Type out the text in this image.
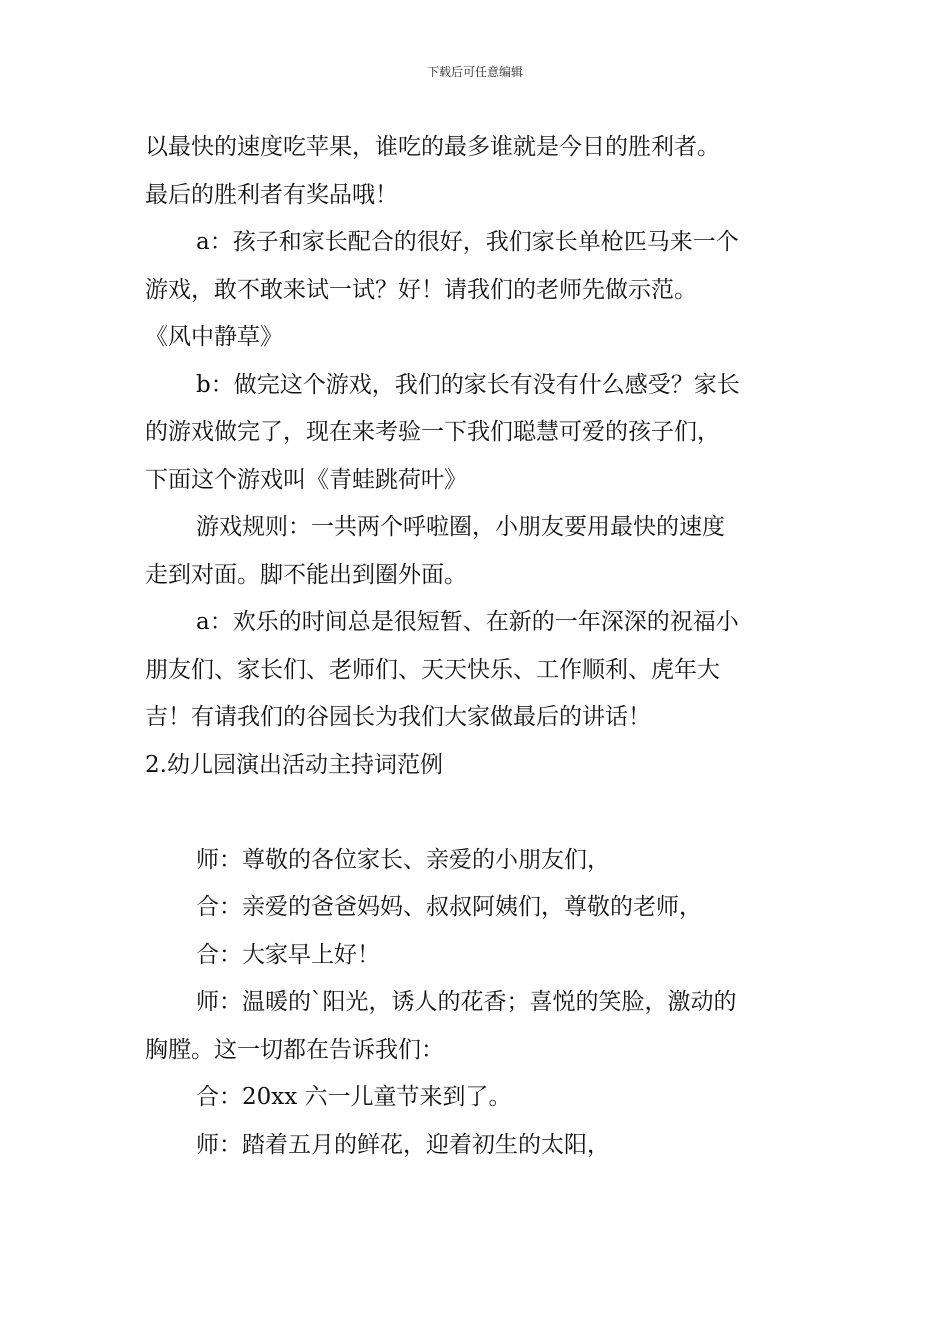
下载后可任意编辑

以最快的速度吃苹果，谁吃的最多谁就是今日的胜利者。

最后的胜利者有奖品哦！

a：孩子和家长配合的很好，我们家长单枪匹马来一个

游戏，敢不敢来试一试？好！请我们的老师先做示范。

《风中静草》

b：做完这个游戏，我们的家长有没有什么感受？家长

的游戏做完了，现在来考验一下我们聪慧可爱的孩子们，

下面这个游戏叫《青蛙跳荷叶》

游戏规则：一共两个呼啦圈，小朋友要用最快的速度

走到对面。脚不能出到圈外面。

a：欢乐的时间总是很短暂、在新的一年深深的祝福小

朋友们、家长们、老师们、天天快乐、工作顺利、虎年大

吉！有请我们的谷园长为我们大家做最后的讲话！

2.幼儿园演出活动主持词范例

师：尊敬的各位家长、亲爱的小朋友们，

合：亲爱的爸爸妈妈、叔叔阿姨们，尊敬的老师，

合：大家早上好！

师：温暖的`阳光，诱人的花香；喜悦的笑脸，激动的

胸膛。这一切都在告诉我们：

合：20xx 六一儿童节来到了。

师：踏着五月的鲜花，迎着初生的太阳，
